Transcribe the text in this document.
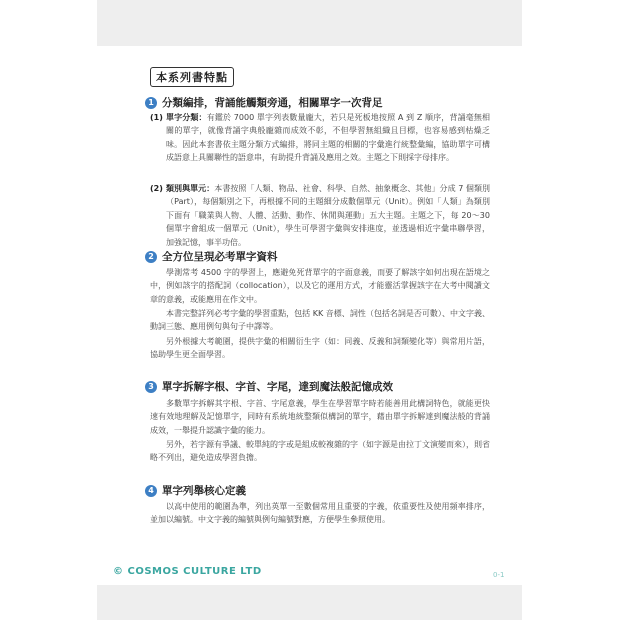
本系列書特點
1 分類編排，背誦能觸類旁通，相關單字一次背足
(1) 單字分類：有鑑於 7000 單字列表數量龐大，若只是死板地按照 A 到 Z 順序，背誦毫無相關的單字，就像背誦字典般龐雜而成效不彰，不但學習無組織且目標，也容易感到枯燥乏味。因此本套書依主題分類方式編排，將同主題的相關的字彙進行統整彙編，協助單字可構成語意上具關聯性的語意串，有助提升背誦及應用之效。主題之下則採字母排序。
(2) 類別與單元：本書按照「人類、物品、社會、科學、自然、抽象概念、其他」分成 7 個類別（Part），每個類別之下，再根據不同的主題細分成數個單元（Unit）。例如「人類」為類別下面有「職業與人物、人體、活動、動作、休閒與運動」五大主題。主題之下，每 20～30 個單字會組成一個單元（Unit），學生可學習字彙與安排進度，並透過相近字彙串聯學習，加強記憶，事半功倍。
2 全方位呈現必考單字資料
學測常考 4500 字的學習上，應避免死背單字的字面意義，而要了解該字如何出現在語境之中，例如該字的搭配詞（collocation），以及它的運用方式，才能靈活掌握該字在大考中閱讀文章的意義，或能應用在作文中。
本書完整詳列必考字彙的學習重點，包括 KK 音標、詞性（包括名詞是否可數）、中文字義、動詞三態、應用例句與句子中譯等。
另外根據大考範圍，提供字彙的相關衍生字（如：同義、反義和詞類變化等）與常用片語，協助學生更全面學習。
3 單字拆解字根、字首、字尾，達到魔法般記憶成效
多數單字拆解其字根、字首、字尾意義，學生在學習單字時若能善用此構詞特色，就能更快速有效地理解及記憶單字，同時有系統地統整類似構詞的單字，藉由單字拆解達到魔法般的背誦成效，一舉提升認識字彙的能力。
另外，若字源有爭議、較單純的字或是組成較複雜的字（如字源是由拉丁文演變而來），則省略不列出，避免造成學習負擔。
4 單字列舉核心定義
以高中使用的範圍為準，列出英單一至數個常用且重要的字義，依重要性及使用頻率排序，並加以編號。中文字義的編號與例句編號對應，方便學生參照使用。
© COSMOS CULTURE LTD	0-1
